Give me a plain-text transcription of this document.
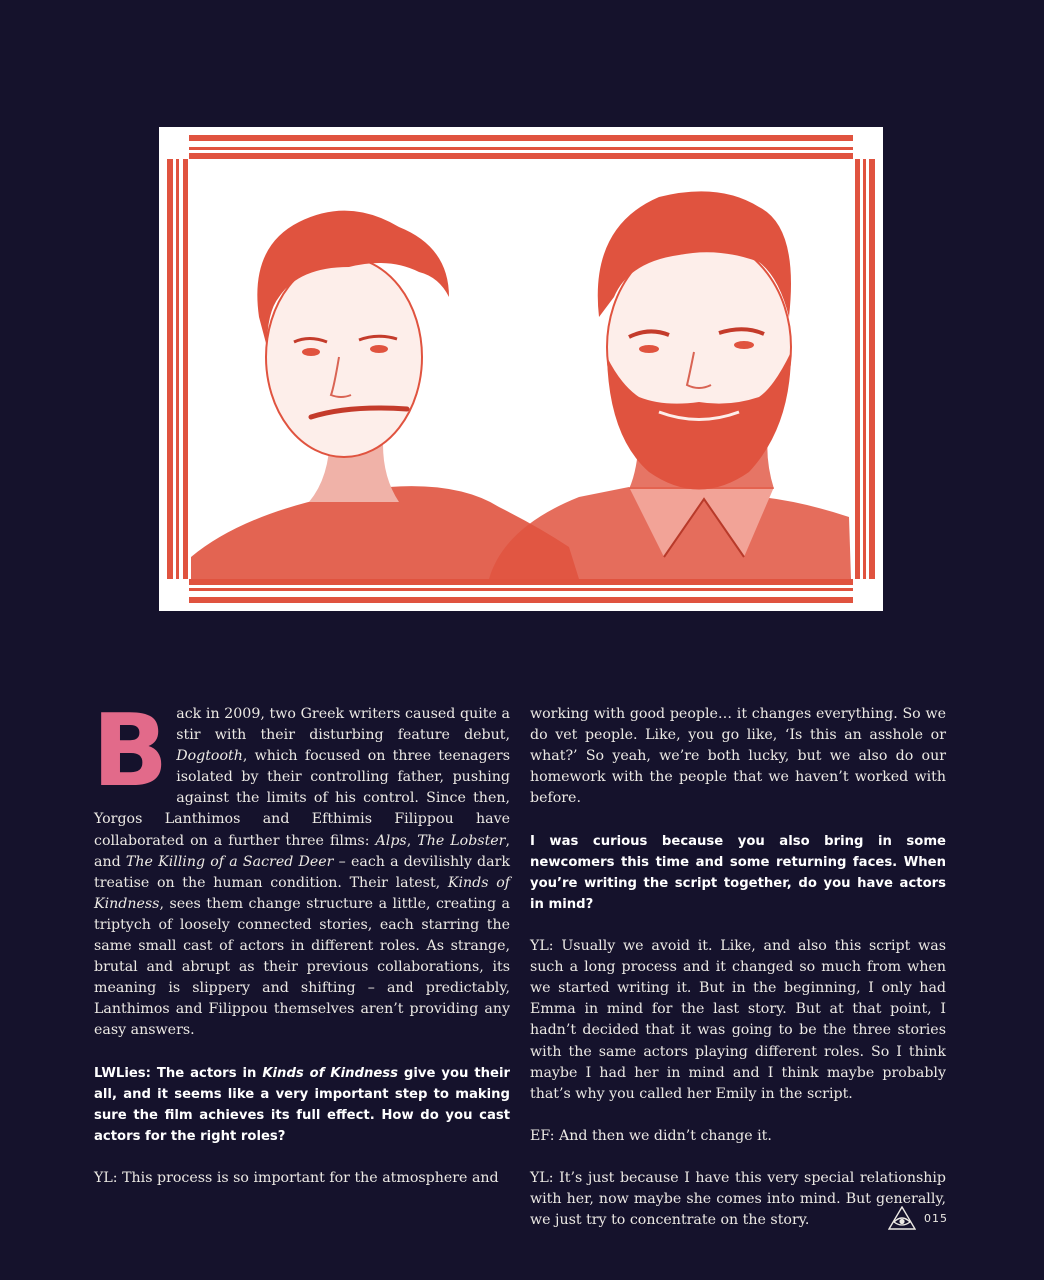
Back in 2009, two Greek writers caused quite a stir with their disturbing feature debut, Dogtooth, which focused on three teenagers isolated by their controlling father, pushing against the limits of his control. Since then, Yorgos Lanthimos and Efthimis Filippou have collaborated on a further three films: Alps, The Lobster, and The Killing of a Sacred Deer – each a devilishly dark treatise on the human condition. Their latest, Kinds of Kindness, sees them change structure a little, creating a triptych of loosely connected stories, each starring the same small cast of actors in different roles. As strange, brutal and abrupt as their previous collaborations, its meaning is slippery and shifting – and predictably, Lanthimos and Filippou themselves aren’t providing any easy answers.

LWLies: The actors in Kinds of Kindness give you their all, and it seems like a very important step to making sure the film achieves its full effect. How do you cast actors for the right roles?

YL: This process is so important for the atmosphere and

working with good people… it changes everything. So we do vet people. Like, you go like, ‘Is this an asshole or what?’ So yeah, we’re both lucky, but we also do our homework with the people that we haven’t worked with before.

I was curious because you also bring in some newcomers this time and some returning faces. When you’re writing the script together, do you have actors in mind?

YL: Usually we avoid it. Like, and also this script was such a long process and it changed so much from when we started writing it. But in the beginning, I only had Emma in mind for the last story. But at that point, I hadn’t decided that it was going to be the three stories with the same actors playing different roles. So I think maybe I had her in mind and I think maybe probably that’s why you called her Emily in the script.

EF: And then we didn’t change it.

YL: It’s just because I have this very special relationship with her, now maybe she comes into mind. But generally, we just try to concentrate on the story.	015
